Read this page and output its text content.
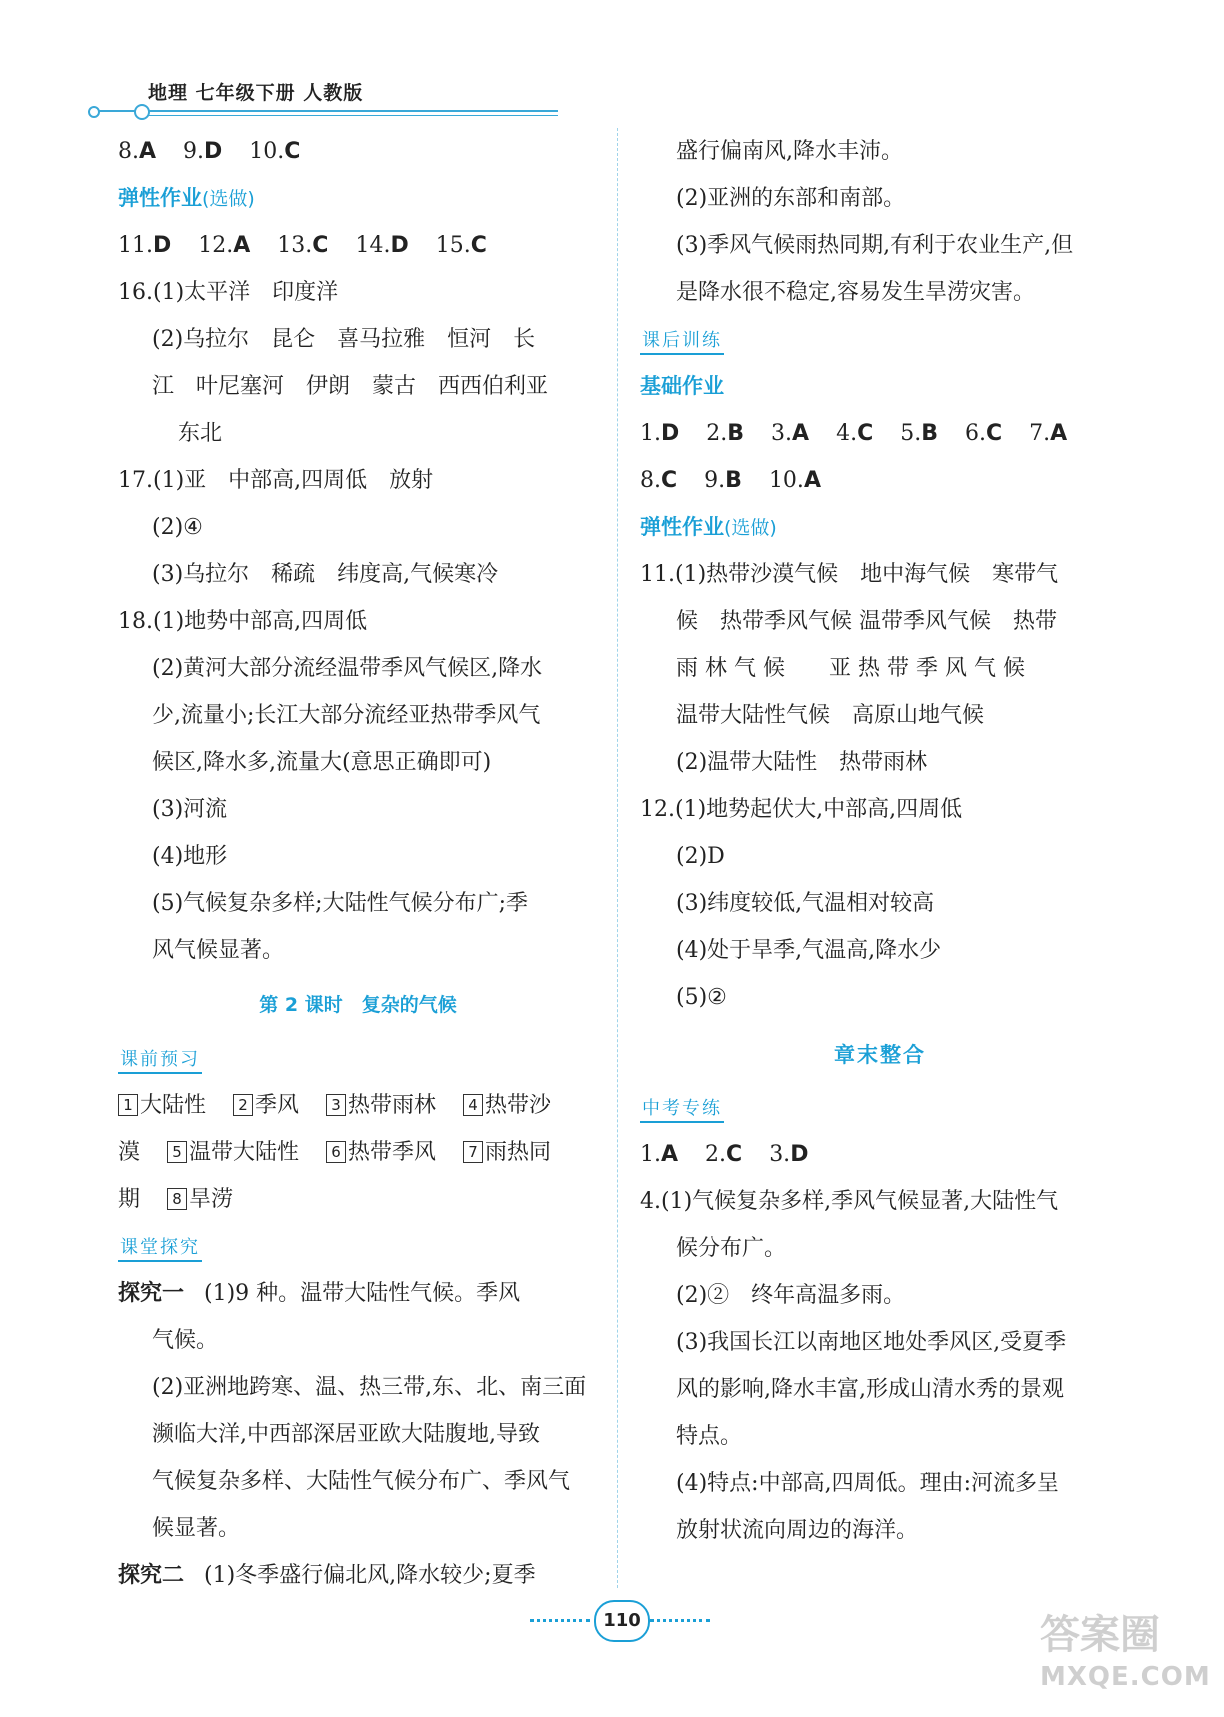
地理 七年级下册 人教版
8.A 9.D 10.C
弹性作业(选做)
11.D 12.A 13.C 14.D 15.C
16.(1)太平洋　印度洋
(2)乌拉尔　昆仑　喜马拉雅　恒河　长
江　叶尼塞河　伊朗　蒙古　西西伯利亚
东北
17.(1)亚　中部高,四周低　放射
(2)④
(3)乌拉尔　稀疏　纬度高,气候寒冷
18.(1)地势中部高,四周低
(2)黄河大部分流经温带季风气候区,降水
少,流量小;长江大部分流经亚热带季风气
候区,降水多,流量大(意思正确即可)
(3)河流
(4)地形
(5)气候复杂多样;大陆性气候分布广;季
风气候显著。
第 2 课时　复杂的气候
课前预习
1 大陆性 2 季风 3 热带雨林 4 热带沙
漠 5 温带大陆性 6 热带季风 7 雨热同
期 8 旱涝
课堂探究
探究一 (1)9 种。温带大陆性气候。季风
气候。
(2)亚洲地跨寒、温、热三带,东、北、南三面
濒临大洋,中西部深居亚欧大陆腹地,导致
气候复杂多样、大陆性气候分布广、季风气
候显著。
探究二 (1)冬季盛行偏北风,降水较少;夏季
盛行偏南风,降水丰沛。
(2)亚洲的东部和南部。
(3)季风气候雨热同期,有利于农业生产,但
是降水很不稳定,容易发生旱涝灾害。
课后训练
基础作业
1.D 2.B 3.A 4.C 5.B 6.C 7.A
8.C 9.B 10.A
弹性作业(选做)
11.(1)热带沙漠气候　地中海气候　寒带气
候　热带季风气候 温带季风气候　热带
雨 林 气 候　　亚 热 带 季 风 气 候
温带大陆性气候　高原山地气候
(2)温带大陆性　热带雨林
12.(1)地势起伏大,中部高,四周低
(2)D
(3)纬度较低,气温相对较高
(4)处于旱季,气温高,降水少
(5)②
章末整合
中考专练
1.A 2.C 3.D
4.(1)气候复杂多样,季风气候显著,大陆性气
候分布广。
(2)②　终年高温多雨。
(3)我国长江以南地区地处季风区,受夏季
风的影响,降水丰富,形成山清水秀的景观
特点。
(4)特点:中部高,四周低。理由:河流多呈
放射状流向周边的海洋。
110	答案圈
MXQE.COM
